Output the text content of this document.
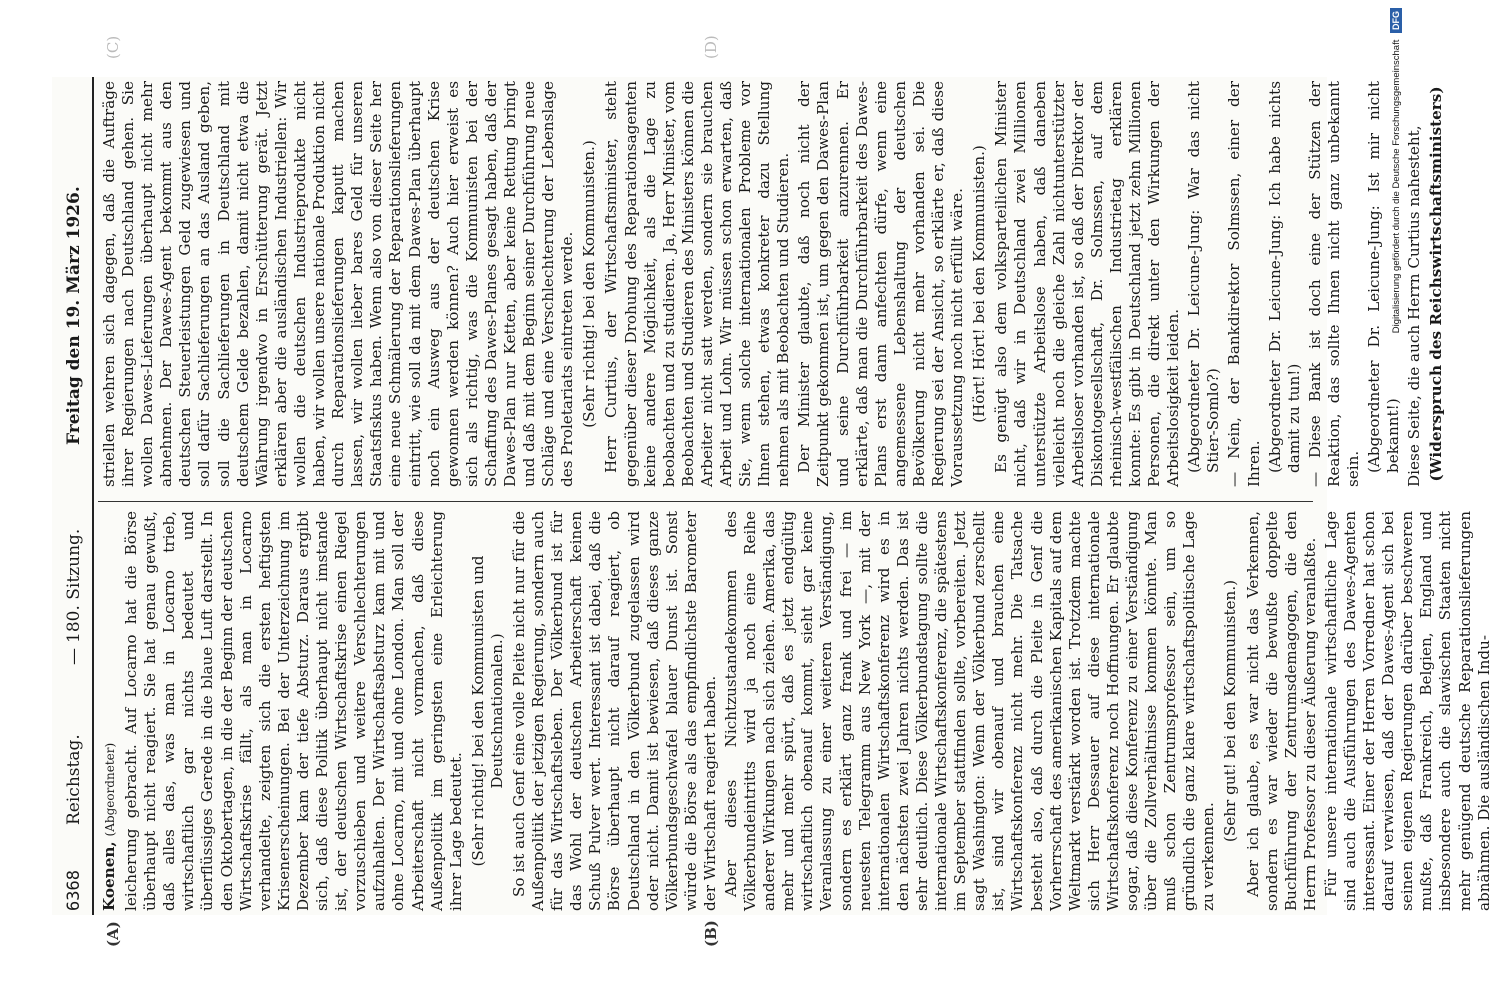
6368
Reichstag.
—
180. Sitzung.
Freitag den 19. März 1926.
(A)	(B)
(C)	(D)

Koenen, (Abgeordneter) leicherung gebracht. Auf Locarno hat die Börse überhaupt nicht reagiert. Sie hat genau gewußt, daß alles das, was man in Locarno trieb, wirtschaftlich gar nichts bedeutet und überflüssiges Gerede in die blaue Luft darstellt. In den Oktobertagen, in die der Beginn der deutschen Wirtschaftskrise fällt, als man in Locarno verhandelte, zeigten sich die ersten heftigsten Krisenerscheinungen. Bei der Unterzeichnung im Dezember kam der tiefe Absturz. Daraus ergibt sich, daß diese Politik überhaupt nicht imstande ist, der deutschen Wirtschaftskrise einen Riegel vorzuschieben und weitere Verschlechterungen aufzuhalten. Der Wirtschaftsabsturz kam mit und ohne Locarno, mit und ohne London. Man soll der Arbeiterschaft nicht vormachen, daß diese Außenpolitik im geringsten eine Erleichterung ihrer Lage bedeutet. (Sehr richtig! bei den Kommunisten und Deutschnationalen.) So ist auch Genf eine volle Pleite nicht nur für die Außenpolitik der jetzigen Regierung, sondern auch für das Wirtschaftsleben. Der Völkerbund ist für das Wohl der deutschen Arbeiterschaft keinen Schuß Pulver wert. Interessant ist dabei, daß die Börse überhaupt nicht darauf reagiert, ob Deutschland in den Völkerbund zugelassen wird oder nicht. Damit ist bewiesen, daß dieses ganze Völkerbundsgeschwafel blauer Dunst ist. Sonst würde die Börse als das empfindlichste Barometer der Wirtschaft reagiert haben. Aber dieses Nichtzustandekommen des Völkerbundeintritts wird ja noch eine Reihe anderer Wirkungen nach sich ziehen. Amerika, das mehr und mehr spürt, daß es jetzt endgültig wirtschaftlich obenauf kommt, sieht gar keine Veranlassung zu einer weiteren Verständigung, sondern es erklärt ganz frank und frei — im neuesten Telegramm aus New York —, mit der internationalen Wirtschaftskonferenz wird es in den nächsten zwei Jahren nichts werden. Das ist sehr deutlich. Diese Völkerbundstagung sollte die internationale Wirtschaftskonferenz, die spätestens im September stattfinden sollte, vorbereiten. Jetzt sagt Washington: Wenn der Völkerbund zerschellt ist, sind wir obenauf und brauchen eine Wirtschaftskonferenz nicht mehr. Die Tatsache besteht also, daß durch die Pleite in Genf die Vorherrschaft des amerikanischen Kapitals auf dem Weltmarkt verstärkt worden ist. Trotzdem machte sich Herr Dessauer auf diese internationale Wirtschaftskonferenz noch Hoffnungen. Er glaubte sogar, daß diese Konferenz zu einer Verständigung über die Zollverhältnisse kommen könnte. Man muß schon Zentrumsprofessor sein, um so gründlich die ganz klare wirtschaftspolitische Lage zu verkennen.

(Sehr gut! bei den Kommunisten.) Aber ich glaube, es war nicht das Verkennen, sondern es war wieder die bewußte doppelte Buchführung der Zentrumsdemagogen, die den Herrn Professor zu dieser Äußerung veranlaßte. Für unsere internationale wirtschaftliche Lage sind auch die Ausführungen des Dawes-Agenten interessant. Einer der Herren Vorredner hat schon darauf verwiesen, daß der Dawes-Agent sich bei seinen eigenen Regierungen darüber beschweren mußte, daß Frankreich, Belgien, England und insbesondere auch die slawischen Staaten nicht mehr genügend deutsche Reparationslieferungen abnähmen. Die ausländischen Indu-

striellen wehren sich dagegen, daß die Aufträge ihrer Regierungen nach Deutschland gehen. Sie wollen Dawes-Lieferungen überhaupt nicht mehr abnehmen. Der Dawes-Agent bekommt aus den deutschen Steuerleistungen Geld zugewiesen und soll dafür Sachlieferungen an das Ausland geben, soll die Sachlieferungen in Deutschland mit deutschem Gelde bezahlen, damit nicht etwa die Währung irgendwo in Erschütterung gerät. Jetzt erklären aber die ausländischen Industriellen: Wir wollen die deutschen Industrieprodukte nicht haben, wir wollen unsere nationale Produktion nicht durch Reparationslieferungen kaputt machen lassen, wir wollen lieber bares Geld für unseren Staatsfiskus haben. Wenn also von dieser Seite her eine neue Schmälerung der Reparationslieferungen eintritt, wie soll da mit dem Dawes-Plan überhaupt noch ein Ausweg aus der deutschen Krise gewonnen werden können? Auch hier erweist es sich als richtig, was die Kommunisten bei der Schaffung des Dawes-Planes gesagt haben, daß der Dawes-Plan nur Ketten, aber keine Rettung bringt und daß mit dem Beginn seiner Durchführung neue Schläge und eine Verschlechterung der Lebenslage des Proletariats eintreten werde. (Sehr richtig! bei den Kommunisten.) Herr Curtius, der Wirtschaftsminister, steht gegenüber dieser Drohung des Reparationsagenten keine andere Möglichkeit, als die Lage zu beobachten und zu studieren. Ja, Herr Minister, vom Beobachten und Studieren des Ministers können die Arbeiter nicht satt werden, sondern sie brauchen Arbeit und Lohn. Wir müssen schon erwarten, daß Sie, wenn solche internationalen Probleme vor Ihnen stehen, etwas konkreter dazu Stellung nehmen als mit Beobachten und Studieren. Der Minister glaubte, daß noch nicht der Zeitpunkt gekommen ist, um gegen den Dawes-Plan und seine Durchführbarkeit anzurennen. Er erklärte, daß man die Durchführbarkeit des Dawes-Plans erst dann anfechten dürfe, wenn eine angemessene Lebenshaltung der deutschen Bevölkerung nicht mehr vorhanden sei. Die Regierung sei der Ansicht, so erklärte er, daß diese Voraussetzung noch nicht erfüllt wäre. (Hört! Hört! bei den Kommunisten.) Es genügt also dem volksparteilichen Minister nicht, daß wir in Deutschland zwei Millionen unterstützte Arbeitslose haben, daß daneben vielleicht noch die gleiche Zahl nichtunterstützter Arbeitsloser vorhanden ist, so daß der Direktor der Diskontogesellschaft, Dr. Solmssen, auf dem rheinisch-westfälischen Industrietag erklären konnte: Es gibt in Deutschland jetzt zehn Millionen Personen, die direkt unter den Wirkungen der Arbeitslosigkeit leiden. (Abgeordneter Dr. Leicune-Jung: War das nicht Stier-Somlo?) — Nein, der Bankdirektor Solmssen, einer der Ihren. (Abgeordneter Dr. Leicune-Jung: Ich habe nichts damit zu tun!) — Diese Bank ist doch eine der Stützen der Reaktion, das sollte Ihnen nicht ganz unbekannt sein. (Abgeordneter Dr. Leicune-Jung: Ist mir nicht bekannt!) Diese Seite, die auch Herrn Curtius nahesteht, (Widerspruch des Reichswirtschaftsministers)

Digitalisierung gefördert durch die Deutsche Forschungsgemeinschaft DFG
